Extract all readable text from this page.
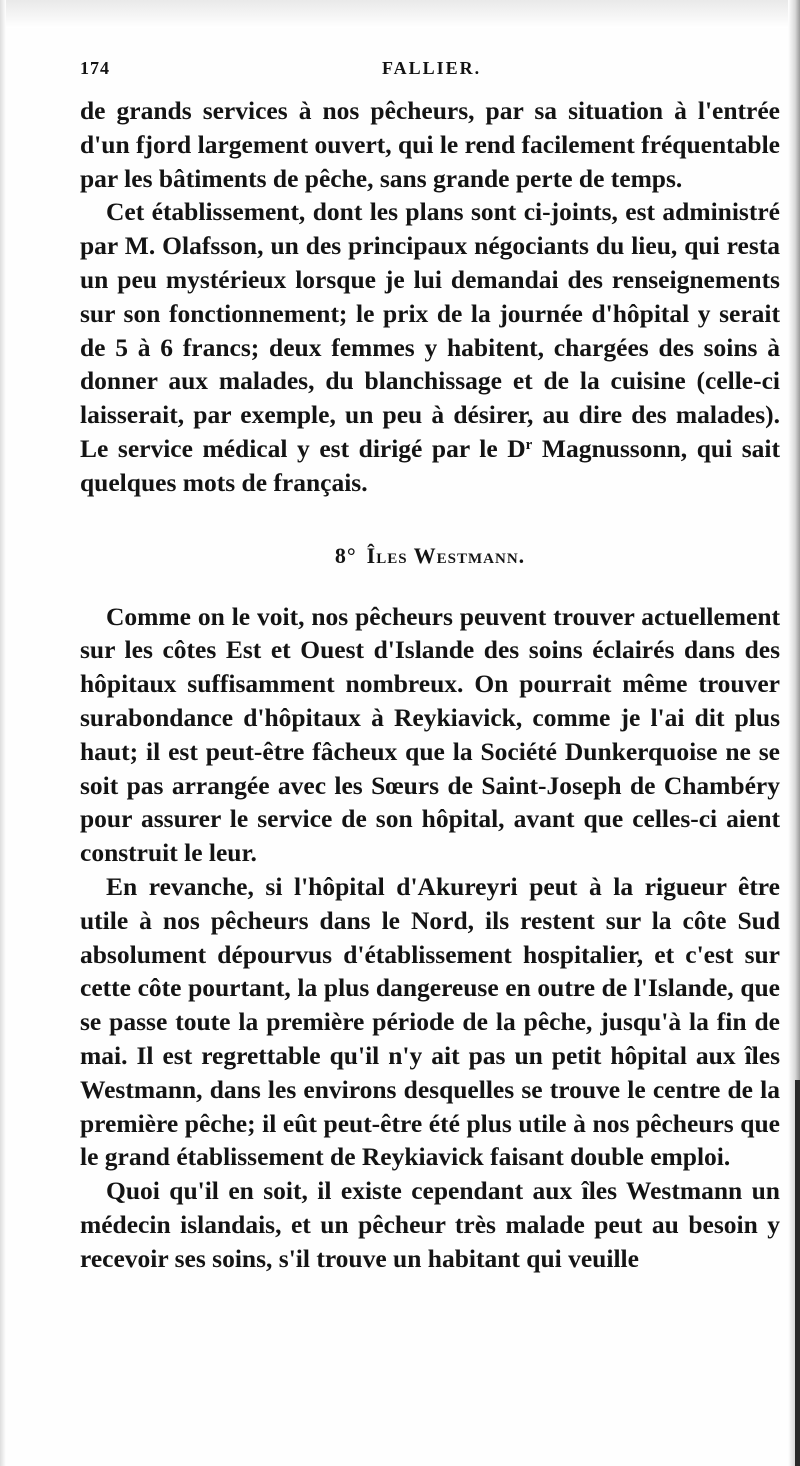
174	FALLIER.

de grands services à nos pêcheurs, par sa situation à l'entrée d'un fjord largement ouvert, qui le rend facilement fréquentable par les bâtiments de pêche, sans grande perte de temps.

Cet établissement, dont les plans sont ci-joints, est administré par M. Olafsson, un des principaux négociants du lieu, qui resta un peu mystérieux lorsque je lui demandai des renseignements sur son fonctionnement; le prix de la journée d'hôpital y serait de 5 à 6 francs; deux femmes y habitent, chargées des soins à donner aux malades, du blanchissage et de la cuisine (celle-ci laisserait, par exemple, un peu à désirer, au dire des malades). Le service médical y est dirigé par le $D^r$ Magnussonn, qui sait quelques mots de français.

8° Îles Westmann.

Comme on le voit, nos pêcheurs peuvent trouver actuellement sur les côtes Est et Ouest d'Islande des soins éclairés dans des hôpitaux suffisamment nombreux. On pourrait même trouver surabondance d'hôpitaux à Reykiavick, comme je l'ai dit plus haut; il est peut-être fâcheux que la Société Dunkerquoise ne se soit pas arrangée avec les Sœurs de Saint-Joseph de Chambéry pour assurer le service de son hôpital, avant que celles-ci aient construit le leur.

En revanche, si l'hôpital d'Akureyri peut à la rigueur être utile à nos pêcheurs dans le Nord, ils restent sur la côte Sud absolument dépourvus d'établissement hospitalier, et c'est sur cette côte pourtant, la plus dangereuse en outre de l'Islande, que se passe toute la première période de la pêche, jusqu'à la fin de mai. Il est regrettable qu'il n'y ait pas un petit hôpital aux îles Westmann, dans les environs desquelles se trouve le centre de la première pêche; il eût peut-être été plus utile à nos pêcheurs que le grand établissement de Reykiavick faisant double emploi.

Quoi qu'il en soit, il existe cependant aux îles Westmann un médecin islandais, et un pêcheur très malade peut au besoin y recevoir ses soins, s'il trouve un habitant qui veuille
